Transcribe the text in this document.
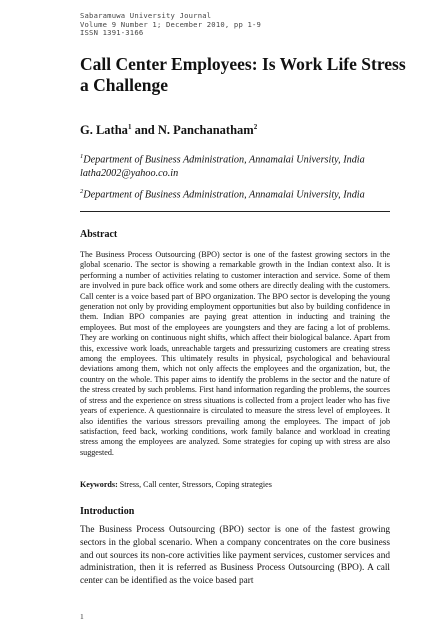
Sabaramuwa University Journal
Volume 9 Number 1; December 2010, pp 1-9
ISSN 1391-3166
Call Center Employees: Is Work Life Stress a Challenge
G. Latha$^1$ and N. Panchanatham$^2$
$^1$Department of Business Administration, Annamalai University, India
latha2002@yahoo.co.in
$^2$Department of Business Administration, Annamalai University, India
Abstract

The Business Process Outsourcing (BPO) sector is one of the fastest growing sectors in the global scenario. The sector is showing a remarkable growth in the Indian context also. It is performing a number of activities relating to customer interaction and service. Some of them are involved in pure back office work and some others are directly dealing with the customers. Call center is a voice based part of BPO organization. The BPO sector is developing the young generation not only by providing employment opportunities but also by building confidence in them. Indian BPO companies are paying great attention in inducting and training the employees. But most of the employees are youngsters and they are facing a lot of problems. They are working on continuous night shifts, which affect their biological balance. Apart from this, excessive work loads, unreachable targets and pressurizing customers are creating stress among the employees. This ultimately results in physical, psychological and behavioural deviations among them, which not only affects the employees and the organization, but, the country on the whole. This paper aims to identify the problems in the sector and the nature of the stress created by such problems. First hand information regarding the problems, the sources of stress and the experience on stress situations is collected from a project leader who has five years of experience. A questionnaire is circulated to measure the stress level of employees. It also identifies the various stressors prevailing among the employees. The impact of job satisfaction, feed back, working conditions, work family balance and workload in creating stress among the employees are analyzed. Some strategies for coping up with stress are also suggested.

Keywords: Stress, Call center, Stressors, Coping strategies
Introduction

The Business Process Outsourcing (BPO) sector is one of the fastest growing sectors in the global scenario. When a company concentrates on the core business and out sources its non-core activities like payment services, customer services and administration, then it is referred as Business Process Outsourcing (BPO). A call center can be identified as the voice based part

1
